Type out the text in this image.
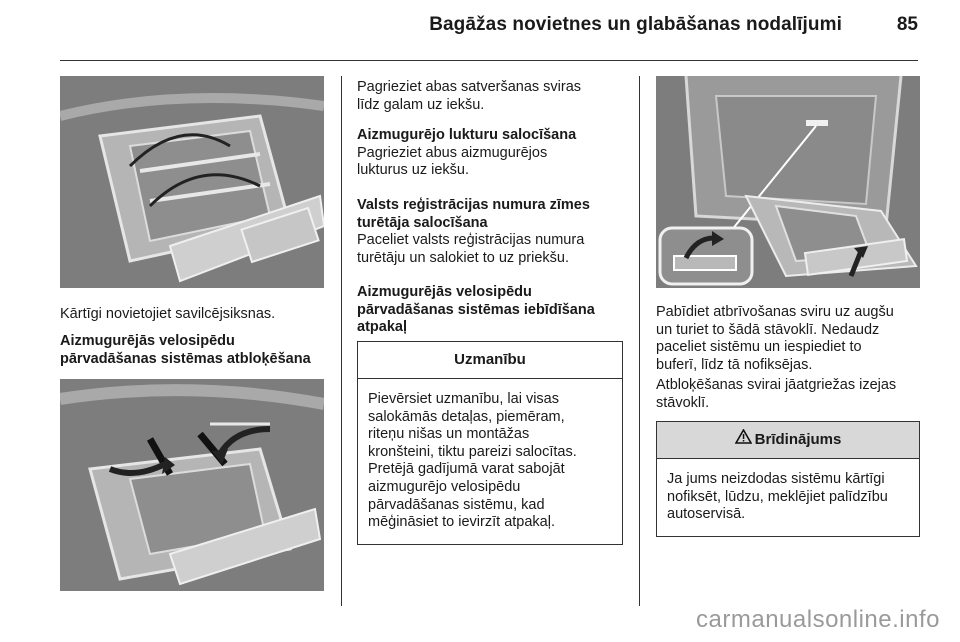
Bagāžas novietnes un glabāšanas nodalījumi	85
Kārtīgi novietojiet savilcējsiksnas.

Aizmugurējās velosipēdu

pārvadāšanas sistēmas atbloķēšana

Pagrieziet abas satveršanas sviras

līdz galam uz iekšu.

Aizmugurējo lukturu salocīšana

Pagrieziet abus aizmugurējos

lukturus uz iekšu.

Valsts reģistrācijas numura zīmes

turētāja salocīšana

Paceliet valsts reģistrācijas numura

turētāju un salokiet to uz priekšu.

Aizmugurējās velosipēdu

pārvadāšanas sistēmas iebīdīšana

atpakaļ

Uzmanību

Pievērsiet uzmanību, lai visas

salokāmās detaļas, piemēram,

riteņu nišas un montāžas

kronšteini, tiktu pareizi salocītas.

Pretējā gadījumā varat sabojāt

aizmugurējo velosipēdu

pārvadāšanas sistēmu, kad

mēģināsiet to ievirzīt atpakaļ.

Pabīdiet atbrīvošanas sviru uz augšu

un turiet to šādā stāvoklī. Nedaudz

paceliet sistēmu un iespiediet to

buferī, līdz tā nofiksējas.

Atbloķēšanas svirai jāatgriežas izejas

stāvoklī.

Brīdinājums

Ja jums neizdodas sistēmu kārtīgi

nofiksēt, lūdzu, meklējiet palīdzību

autoservisā.

carmanualsonline.info
